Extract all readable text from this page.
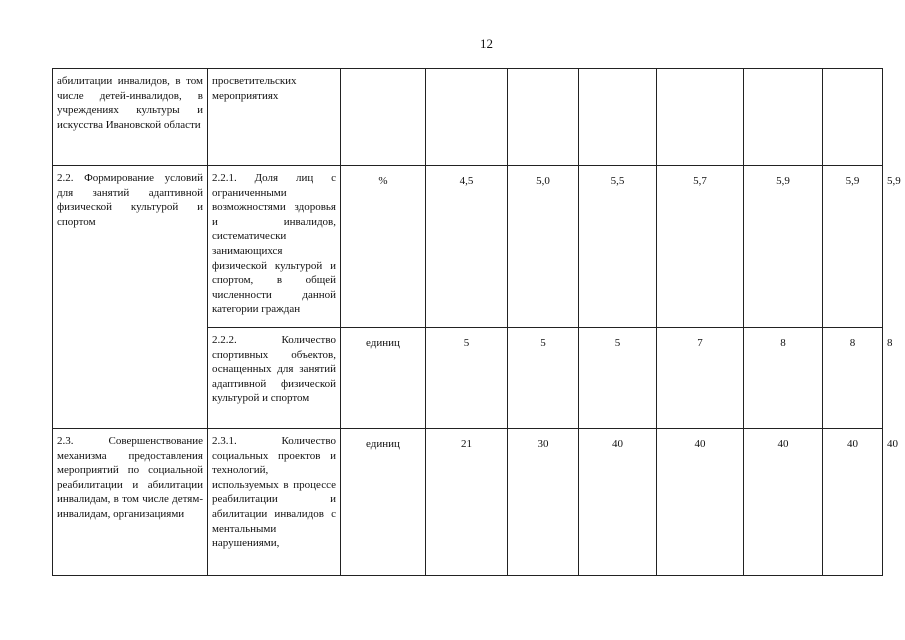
12
абилитации инвалидов, в том числе детей-инвалидов, в учреждениях культуры и искусства Ивановской области	просветительских мероприятиях								
2.2. Формирование условий для занятий адаптивной физической культурой и спортом	2.2.1. Доля лиц с ограниченными возможностями здоровья и инвалидов, систематически занимающихся физической культурой и спортом, в общей численности данной категории граждан	%	4,5	5,0	5,5	5,7	5,9	5,9	5,9
	2.2.2. Количество спортивных объектов, оснащенных для занятий адаптивной физической культурой и спортом	единиц	5	5	5	7	8	8	8
2.3. Совершенствование механизма предоставления мероприятий по социальной реабилитации и абилитации инвалидам, в том числе детям-инвалидам, организациями	2.3.1. Количество социальных проектов и технологий, используемых в процессе реабилитации и абилитации инвалидов с ментальными нарушениями,	единиц	21	30	40	40	40	40	40
